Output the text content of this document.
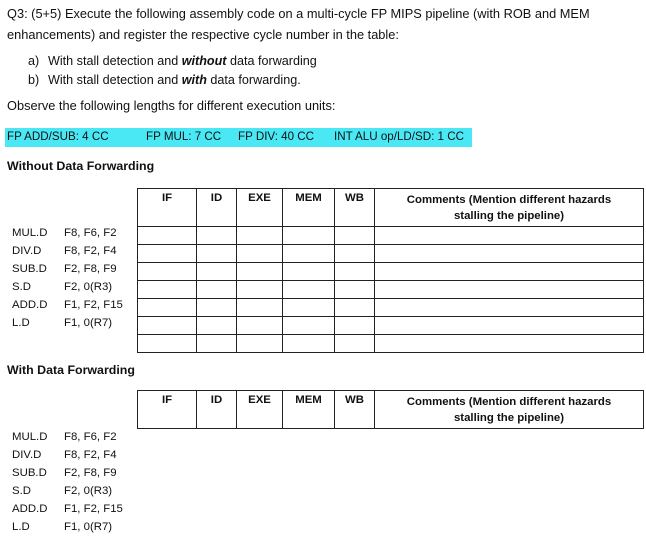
Q3: (5+5) Execute the following assembly code on a multi-cycle FP MIPS pipeline (with ROB and MEM
enhancements) and register the respective cycle number in the table:
a) With stall detection and without data forwarding
b) With stall detection and with data forwarding.
Observe the following lengths for different execution units:
FP ADD/SUB: 4 CC	FP MUL: 7 CC FP DIV: 40 CC INT ALU op/LD/SD: 1 CC
Without Data Forwarding
IF	ID	EXE	MEM	WB	Comments (Mention different hazards
stalling the pipeline)

MUL.D F8, F6, F2
DIV.D F8, F2, F4
SUB.D F2, F8, F9
S.D	F2, 0(R3)
ADD.D F1, F2, F15
L.D	F1, 0(R7)
With Data Forwarding
IF	ID	EXE	MEM	WB	Comments (Mention different hazards
stalling the pipeline)
MUL.D F8, F6, F2
DIV.D F8, F2, F4
SUB.D F2, F8, F9
S.D	F2, 0(R3)
ADD.D F1, F2, F15
L.D	F1, 0(R7)
